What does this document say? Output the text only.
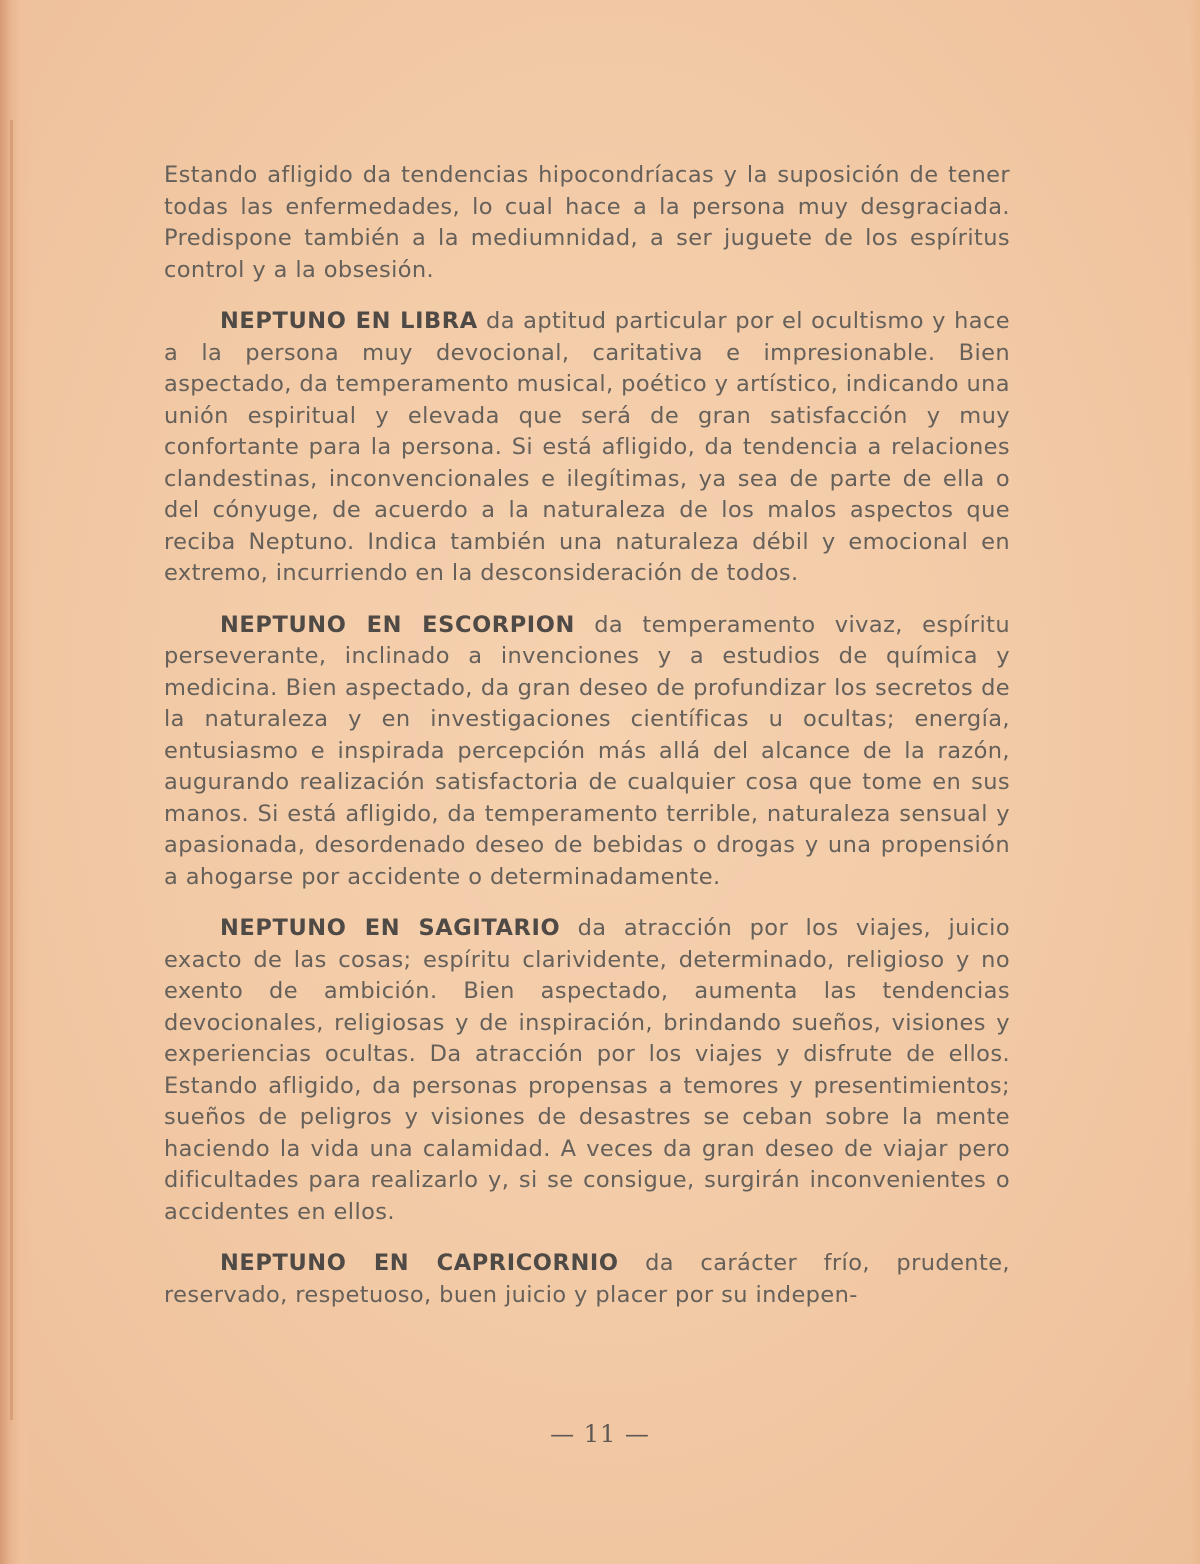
Estando afligido da tendencias hipocondríacas y la suposición de tener todas las enfermedades, lo cual hace a la persona muy desgraciada. Predispone también a la mediumnidad, a ser juguete de los espíritus control y a la obsesión.

NEPTUNO EN LIBRA da aptitud particular por el ocultismo y hace a la persona muy devocional, caritativa e impresionable. Bien aspectado, da temperamento musical, poético y artístico, indicando una unión espiritual y elevada que será de gran satisfacción y muy confortante para la persona. Si está afligido, da tendencia a relaciones clandestinas, inconvencionales e ilegítimas, ya sea de parte de ella o del cónyuge, de acuerdo a la naturaleza de los malos aspectos que reciba Neptuno. Indica también una naturaleza débil y emocional en extremo, incurriendo en la desconsideración de todos.

NEPTUNO EN ESCORPION da temperamento vivaz, espíritu perseverante, inclinado a invenciones y a estudios de química y medicina. Bien aspectado, da gran deseo de profundizar los secretos de la naturaleza y en investigaciones científicas u ocultas; energía, entusiasmo e inspirada percepción más allá del alcance de la razón, augurando realización satisfactoria de cualquier cosa que tome en sus manos. Si está afligido, da temperamento terrible, naturaleza sensual y apasionada, desordenado deseo de bebidas o drogas y una propensión a ahogarse por accidente o determinadamente.

NEPTUNO EN SAGITARIO da atracción por los viajes, juicio exacto de las cosas; espíritu clarividente, determinado, religioso y no exento de ambición. Bien aspectado, aumenta las tendencias devocionales, religiosas y de inspiración, brindando sueños, visiones y experiencias ocultas. Da atracción por los viajes y disfrute de ellos. Estando afligido, da personas propensas a temores y presentimientos; sueños de peligros y visiones de desastres se ceban sobre la mente haciendo la vida una calamidad. A veces da gran deseo de viajar pero dificultades para realizarlo y, si se consigue, surgirán inconvenientes o accidentes en ellos.

NEPTUNO EN CAPRICORNIO da carácter frío, prudente, reservado, respetuoso, buen juicio y placer por su indepen-

— 11 —
